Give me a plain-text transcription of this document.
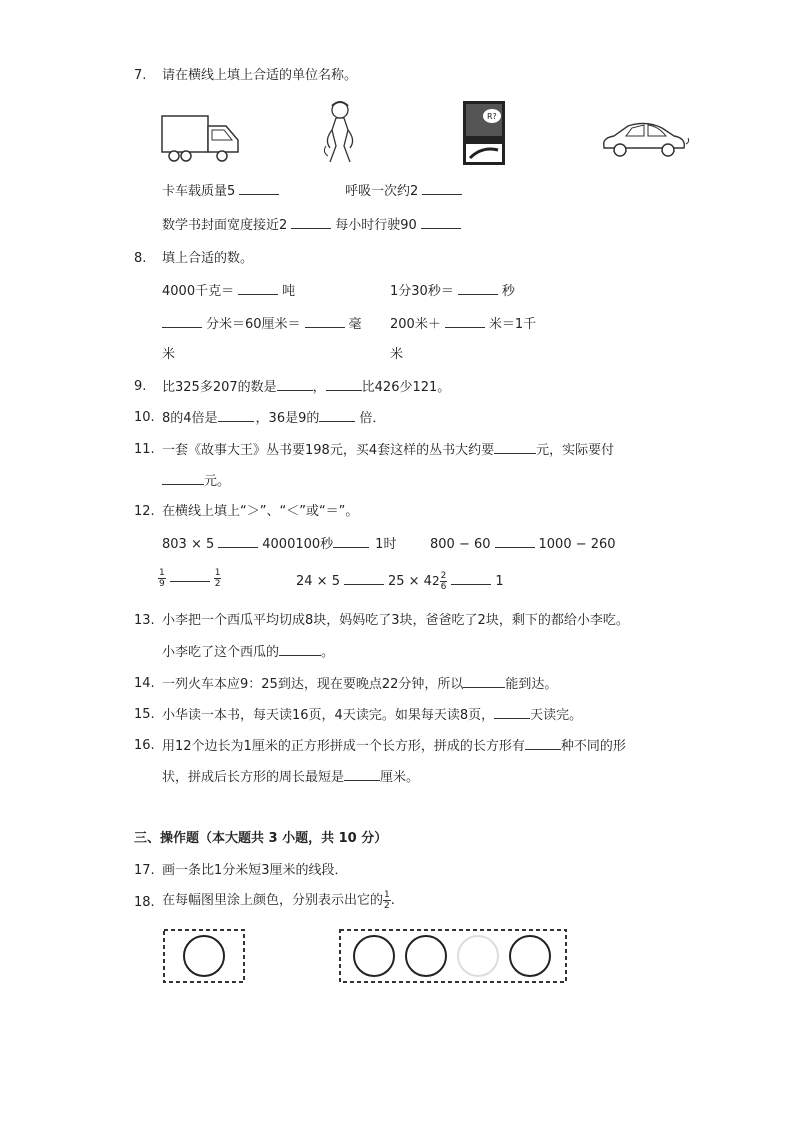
7.	请在横线上填上合适的单位名称。
R?
卡车载质量5	呼吸一次约2
数学书封面宽度接近2	每小时行驶90
8.	填上合适的数。
4000千克＝	吨	1分30秒＝	秒
分米＝60厘米＝	毫
米
200米＋	米＝1千
米
9.	比325多207的数是	，	比426少121。
10. 8的4倍是	，36是9的	倍．
11. 一套《故事大王》丛书要198元，买4套这样的丛书大约要	元，实际要付
元。
12. 在横线上填上“＞”、“＜”或“＝”。
803 × 5	4000100秒	1时	800 − 60	1000 − 260
$\frac{1}{9}$	$\frac{1}{2}$	24 × 5	$25 \times 42 \frac{2}{6}$	1
13. 小李把一个西瓜平均切成8块，妈妈吃了3块，爸爸吃了2块，剩下的都给小李吃。
小李吃了这个西瓜的	。
14. 一列火车本应9：25到达，现在要晚点22分钟，所以	能到达。
15. 小华读一本书，每天读16页，4天读完。如果每天读8页，	天读完。
16. 用12个边长为1厘米的正方形拼成一个长方形，拼成的长方形有	种不同的形
状，拼成后长方形的周长最短是	厘米。
三、操作题（本大题共 3 小题，共 10 分）
17. 画一条比1分米短3厘米的线段．
18. 在每幅图里涂上颜色，分别表示出它的 $\frac{1}{2}$ .
